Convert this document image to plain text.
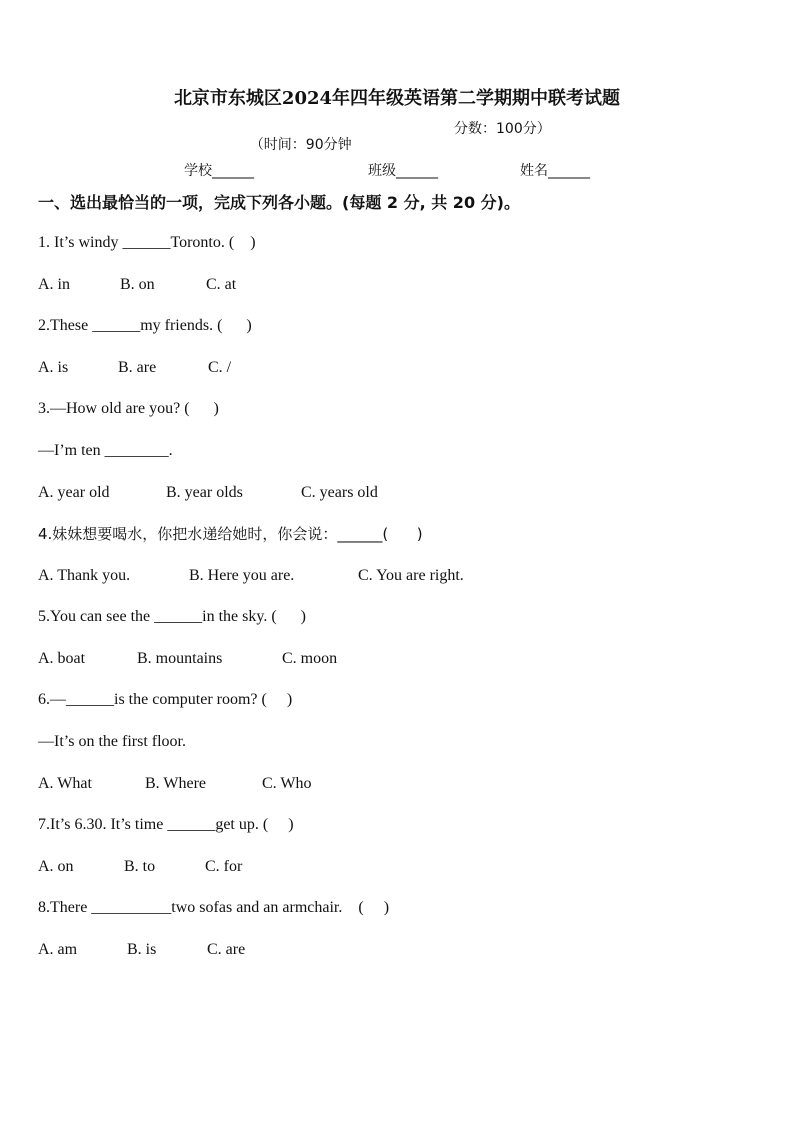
北京市东城区2024年四年级英语第二学期期中联考试题

（时间：90分钟

分数：100分）

学校______	班级______	姓名______
一、选出最恰当的一项，完成下列各小题。(每题 2 分, 共 20 分)。
1. It’s windy ______Toronto. (    )

A. in

	B. on

	C. at

2.These ______my friends. (      )

A. is

	B. are

	C. /

3.—How old are you? (      )
—I’m ten ________.

A. year old

	B. year olds

	C. years old

4.妹妹想要喝水，你把水递给她时，你会说：______(      )

A. Thank you.

	B. Here you are.

	C. You are right.

5.You can see the ______in the sky. (      )

A. boat

	B. mountains

	C. moon

6.—______is the computer room? (     )
—It’s on the first floor.

A. What

	B. Where

	C. Who

7.It’s 6.30. It’s time ______get up. (     )

A. on

	B. to

	C. for

8.There __________two sofas and an armchair.    (     )

A. am

	B. is

	C. are
